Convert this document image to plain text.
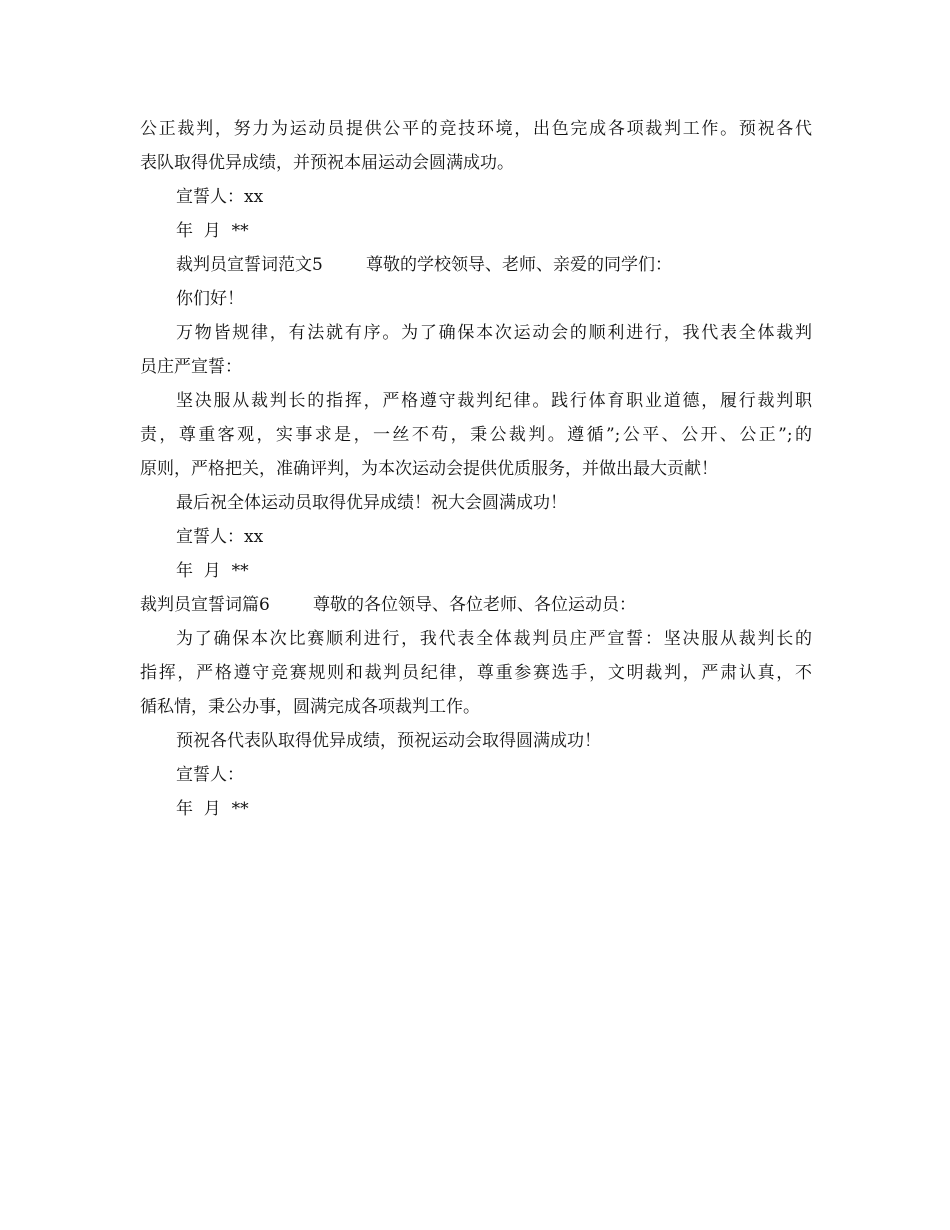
公正裁判，努力为运动员提供公平的竞技环境，出色完成各项裁判工作。预祝各代
表队取得优异成绩，并预祝本届运动会圆满成功。
宣誓人：xx
年  月  **
裁判员宣誓词范文5        尊敬的学校领导、老师、亲爱的同学们：
你们好！
万物皆规律，有法就有序。为了确保本次运动会的顺利进行，我代表全体裁判
员庄严宣誓：
坚决服从裁判长的指挥，严格遵守裁判纪律。践行体育职业道德，履行裁判职
责，尊重客观，实事求是，一丝不苟，秉公裁判。遵循”;公平、公开、公正”;的
原则，严格把关，准确评判，为本次运动会提供优质服务，并做出最大贡献！
最后祝全体运动员取得优异成绩！祝大会圆满成功！
宣誓人：xx
年  月  **
裁判员宣誓词篇6        尊敬的各位领导、各位老师、各位运动员：
为了确保本次比赛顺利进行，我代表全体裁判员庄严宣誓：坚决服从裁判长的
指挥，严格遵守竞赛规则和裁判员纪律，尊重参赛选手，文明裁判，严肃认真，不
循私情，秉公办事，圆满完成各项裁判工作。
预祝各代表队取得优异成绩，预祝运动会取得圆满成功！
宣誓人：
年  月  **
